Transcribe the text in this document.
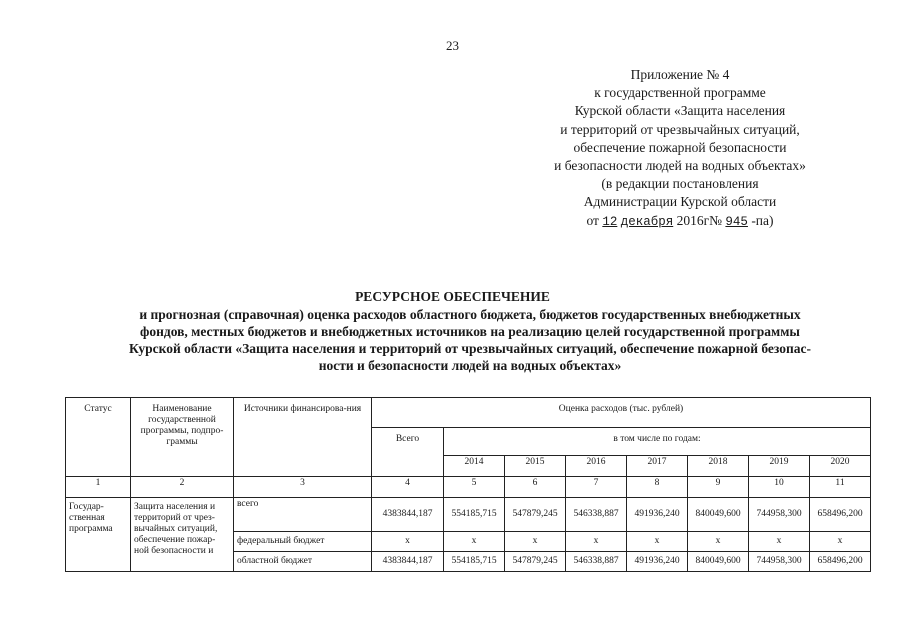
23
Приложение № 4
к государственной программе
Курской области «Защита населения
и территорий от чрезвычайных ситуаций,
обеспечение пожарной безопасности
и безопасности людей на водных объектах»
(в редакции постановления
Администрации Курской области
от 12 декабря 2016г№ 945 -па)
РЕСУРСНОЕ ОБЕСПЕЧЕНИЕ
и прогнозная (справочная) оценка расходов областного бюджета, бюджетов государственных внебюджетных
фондов, местных бюджетов и внебюджетных источников на реализацию целей государственной программы
Курской области «Защита населения и территорий от чрезвычайных ситуаций, обеспечение пожарной безопас-
ности и безопасности людей на водных объектах»
Статус	Наименование государственной программы, подпро-граммы	Источники финансирова-ния	Оценка расходов (тыс. рублей)							
			Всего	в том числе по годам:						
				2014	2015	2016	2017	2018	2019	2020
1	2	3	4	5	6	7	8	9	10	11
Государ-ственная программа	Защита населения и территорий от чрез-вычайных ситуаций, обеспечение пожар-ной безопасности и	всего	4383844,187	554185,715	547879,245	546338,887	491936,240	840049,600	744958,300	658496,200
		федеральный бюджет	х	х	х	х	х	х	х	х
		областной бюджет	4383844,187	554185,715	547879,245	546338,887	491936,240	840049,600	744958,300	658496,200
